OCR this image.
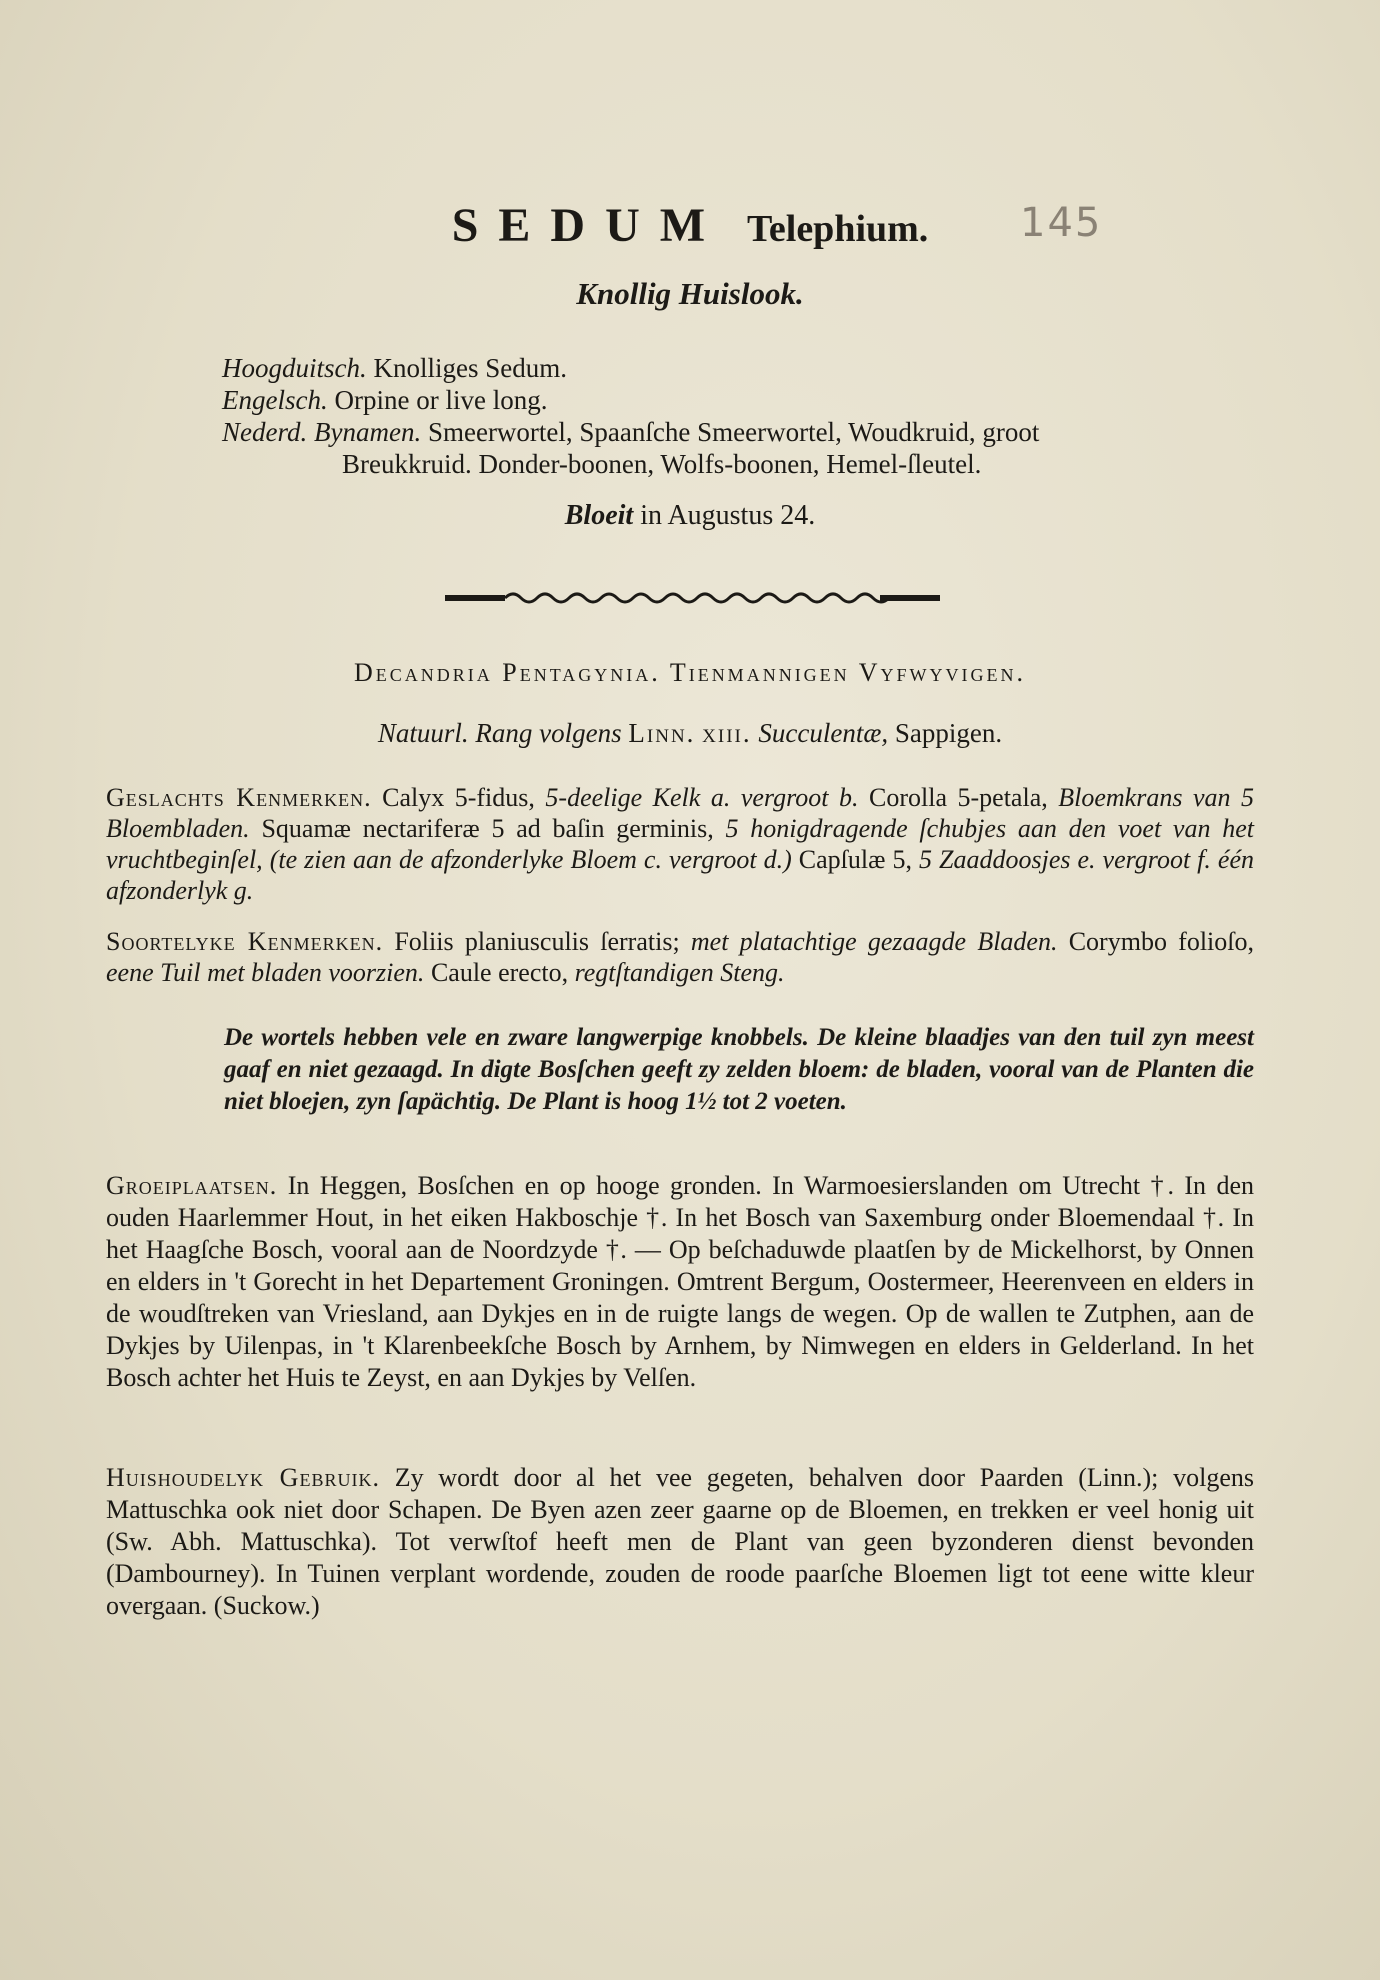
145
SEDUM Telephium.
Knollig Huislook.
Hoogduitsch. Knolliges Sedum.
Engelsch. Orpine or live long.
Nederd. Bynamen. Smeerwortel, Spaanſche Smeerwortel, Woudkruid, groot
Breukkruid. Donder-boonen, Wolfs-boonen, Hemel-ſleutel.
Bloeit in Augustus 24.
Decandria Pentagynia. Tienmannigen Vyfwyvigen.
Natuurl. Rang volgens Linn. xiii. Succulentæ, Sappigen.
Geslachts Kenmerken. Calyx 5-fidus, 5-deelige Kelk a. vergroot b. Corolla 5-petala, Bloemkrans van 5 Bloembladen. Squamæ nectariferæ 5 ad baſin germinis, 5 honigdragende ſchubjes aan den voet van het vruchtbeginſel, (te zien aan de afzonderlyke Bloem c. vergroot d.) Capſulæ 5, 5 Zaaddoosjes e. vergroot f. één afzonderlyk g.
Soortelyke Kenmerken. Foliis planiusculis ſerratis; met platachtige gezaagde Bladen. Corymbo folioſo, eene Tuil met bladen voorzien. Caule erecto, regtſtandigen Steng.
De wortels hebben vele en zware langwerpige knobbels. De kleine blaadjes van den tuil zyn meest gaaf en niet gezaagd. In digte Bosſchen geeft zy zelden bloem: de bladen, vooral van de Planten die niet bloejen, zyn ſapächtig. De Plant is hoog 1½ tot 2 voeten.
Groeiplaatsen. In Heggen, Bosſchen en op hooge gronden. In Warmoesierslanden om Utrecht †. In den ouden Haarlemmer Hout, in het eiken Hakboschje †. In het Bosch van Saxemburg onder Bloemendaal †. In het Haagſche Bosch, vooral aan de Noordzyde †. — Op beſchaduwde plaatſen by de Mickelhorst, by Onnen en elders in 't Gorecht in het Departement Groningen. Omtrent Bergum, Oostermeer, Heerenveen en elders in de woudſtreken van Vriesland, aan Dykjes en in de ruigte langs de wegen. Op de wallen te Zutphen, aan de Dykjes by Uilenpas, in 't Klarenbeekſche Bosch by Arnhem, by Nimwegen en elders in Gelderland. In het Bosch achter het Huis te Zeyst, en aan Dykjes by Velſen.
Huishoudelyk Gebruik. Zy wordt door al het vee gegeten, behalven door Paarden (Linn.); volgens Mattuschka ook niet door Schapen. De Byen azen zeer gaarne op de Bloemen, en trekken er veel honig uit (Sw. Abh. Mattuschka). Tot verwſtof heeft men de Plant van geen byzonderen dienst bevonden (Dambourney). In Tuinen verplant wordende, zouden de roode paarſche Bloemen ligt tot eene witte kleur overgaan. (Suckow.)
